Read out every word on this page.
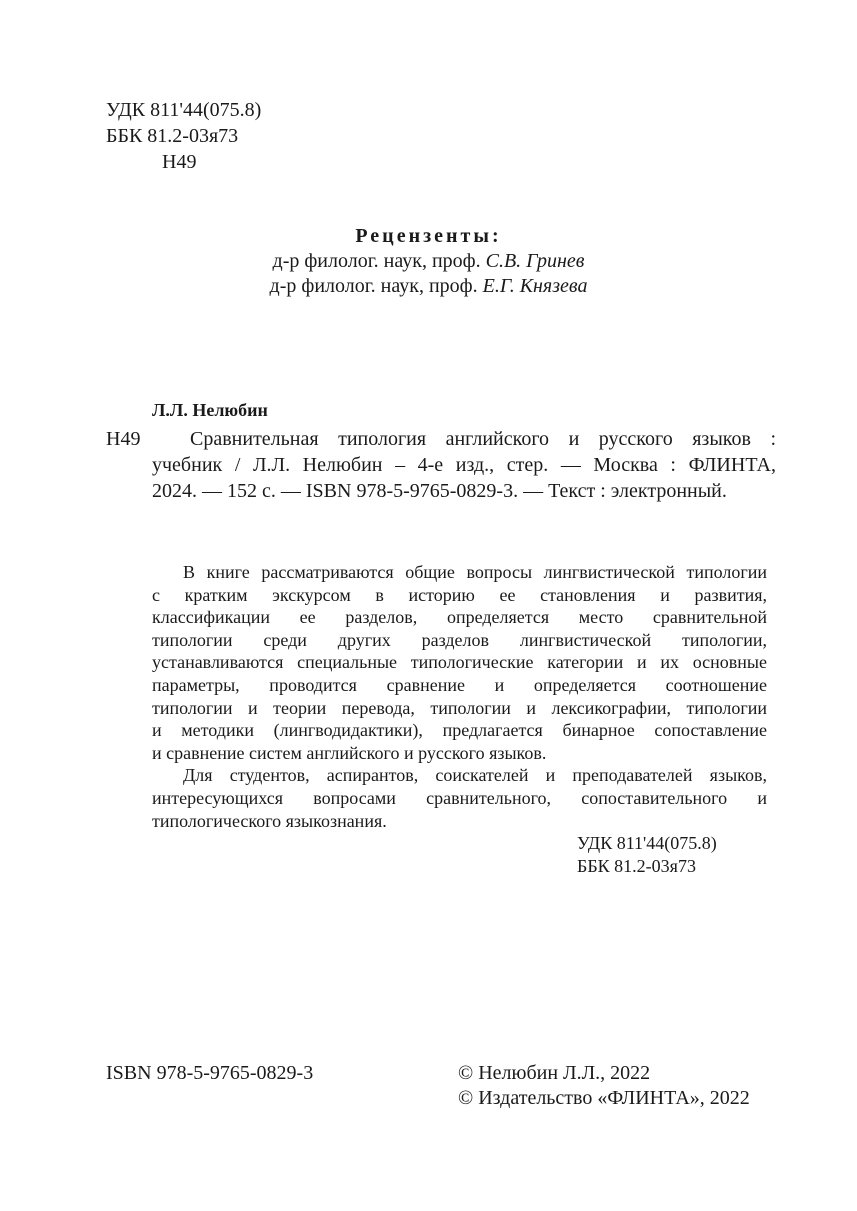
УДК 811'44(075.8)
ББК 81.2-03я73
Н49
Рецензенты:
д-р филолог. наук, проф. С.В. Гринев
д-р филолог. наук, проф. Е.Г. Князева
Л.Л. Нелюбин
Н49 Сравнительная типология английского и русского языков :
учебник / Л.Л. Нелюбин – 4-е изд., стер. — Москва : ФЛИНТА,
2024. — 152 с. — ISBN 978-5-9765-0829-3. — Текст : электронный.
В книге рассматриваются общие вопросы лингвистической типологии
с кратким экскурсом в историю ее становления и развития,
классификации ее разделов, определяется место сравнительной
типологии среди других разделов лингвистической типологии,
устанавливаются специальные типологические категории и их основные
параметры, проводится сравнение и определяется соотношение
типологии и теории перевода, типологии и лексикографии, типологии
и методики (лингводидактики), предлагается бинарное сопоставление
и сравнение систем английского и русского языков.
Для студентов, аспирантов, соискателей и преподавателей языков,
интересующихся вопросами сравнительного, сопоставительного и
типологического языкознания.
УДК 811'44(075.8)
ББК 81.2-03я73
ISBN 978-5-9765-0829-3	© Нелюбин Л.Л., 2022
© Издательство «ФЛИНТА», 2022
